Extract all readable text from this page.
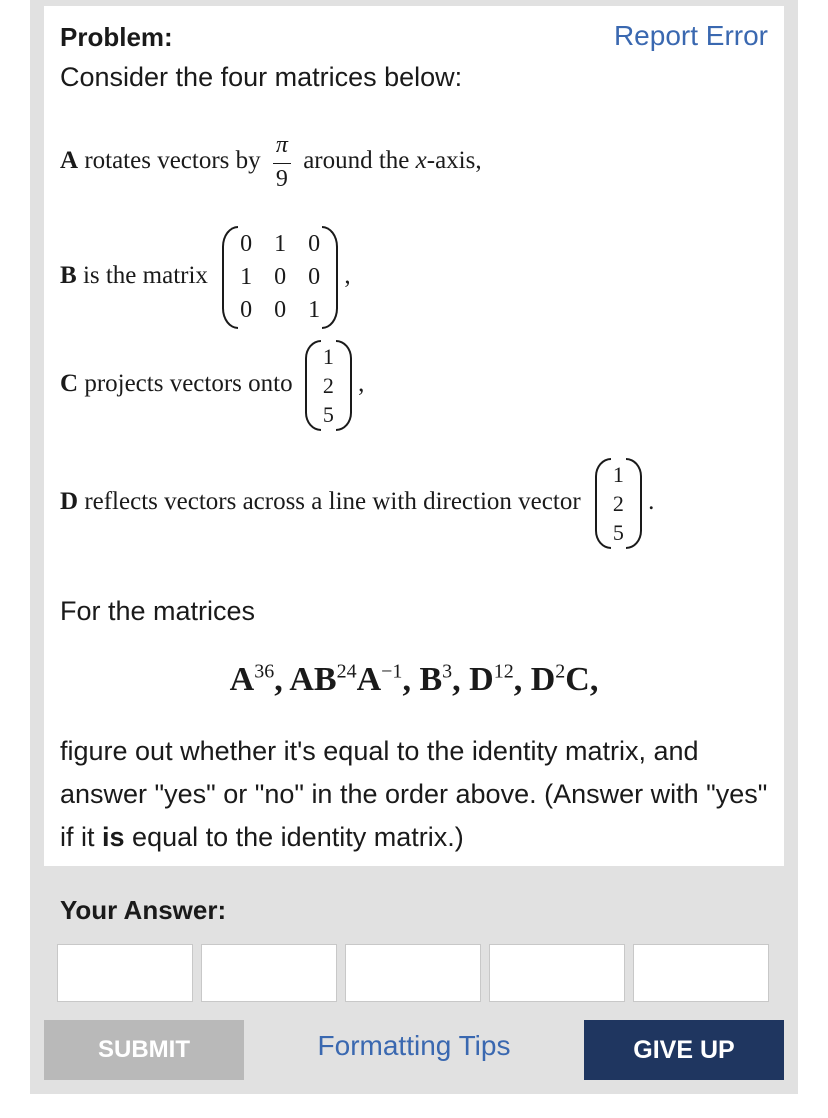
Problem:	Report Error
Consider the four matrices below:
A rotates vectors by $\frac{\pi}{9}$ around the x-axis,
B is the matrix
0 1 0
1 0 0
0 0 1
,
C projects vectors onto
1
2
5
,
D reflects vectors across a line with direction vector
1
2
5
.
For the matrices
$A^{36}$, $AB^{24}A^{-1}$, $B^3$, $D^{12}$, $D^2C$,
figure out whether it's equal to the identity matrix, and answer "yes" or "no" in the order above. (Answer with "yes" if it is equal to the identity matrix.)
Your Answer:
SUBMIT	Formatting Tips	GIVE UP
